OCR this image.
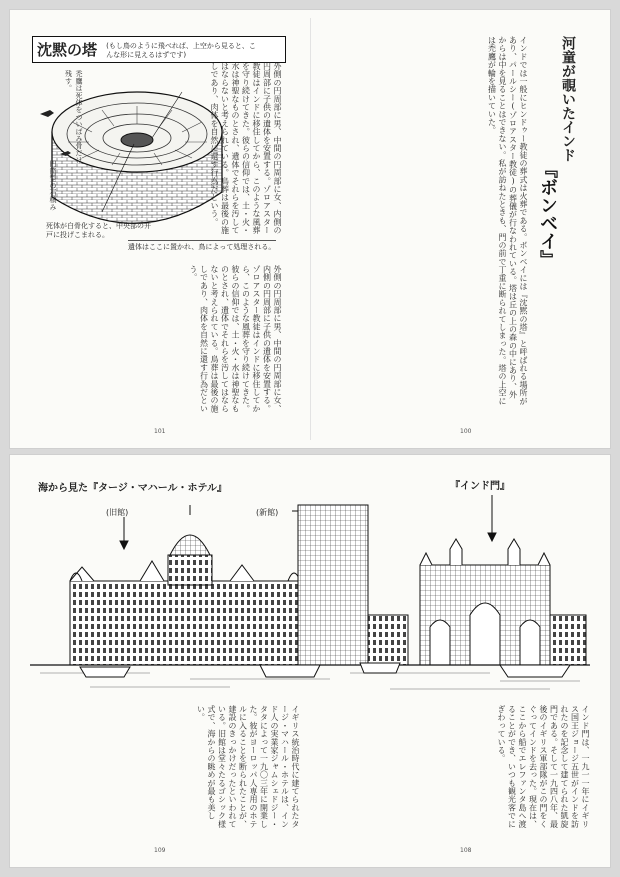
沈黙の塔 (もし鳥のように飛べれば、上空から見ると、こんな形に見えるはずです)
禿鷹は死体をついばみ骨だけ残す。
円筒型の石積み
死体が白骨化すると、中央部の井戸に投げこまれる。
遺体はここに置かれ、鳥によって処理される。
外側の円周部に男、中間の円周部に女、内側の円周部に子供の遺体を安置する。ゾロアスター教徒はインドに移住してから、このような風葬を守り続けてきた。彼らの信仰では、土・火・水は神聖なものとされ、遺体でそれらを汚してはならないと考えられている。鳥葬は最後の施しであり、肉体を自然に還す行為だという。
外側の円周部に男、中間の円周部に女、内側の円周部に子供の遺体を安置する。ゾロアスター教徒はインドに移住してから、このような風葬を守り続けてきた。彼らの信仰では、土・火・水は神聖なものとされ、遺体でそれらを汚してはならないと考えられている。鳥葬は最後の施しであり、肉体を自然に還す行為だという。
101
河童が覗いたインド
『ボンベイ』
インドでは一般にヒンドゥー教徒の葬式は火葬である。ボンベイには『沈黙の塔』と呼ばれる場所があり、パールシー(ゾロアスター教徒)の葬儀が行なわれている。塔は丘の上の森の中にあり、外からは中を見ることはできない。私が訪ねたときも、門の前で丁重に断られてしまった。塔の上空には禿鷹が輪を描いていた。
100
海から見た『タージ・マハール・ホテル』	『インド門』
(旧館)	(新館)
イギリス統治時代に建てられたタージ・マハール・ホテルは、インド人の実業家ジャムシェドジー・タタによって一九〇三年に開業した。彼がヨーロッパ人専用のホテルに入ることを断られたことが、建設のきっかけだったといわれている。旧館は堂々たるゴシック様式で、海からの眺めが最も美しい。
109
インド門は、一九一一年にイギリス国王ジョージ五世がインドを訪れたのを記念して建てられた凱旋門である。そして一九四八年、最後のイギリス軍部隊がこの門をくぐってインドを去った。現在は、ここから船でエレファンタ島へ渡ることができ、いつも観光客でにぎわっている。
108
